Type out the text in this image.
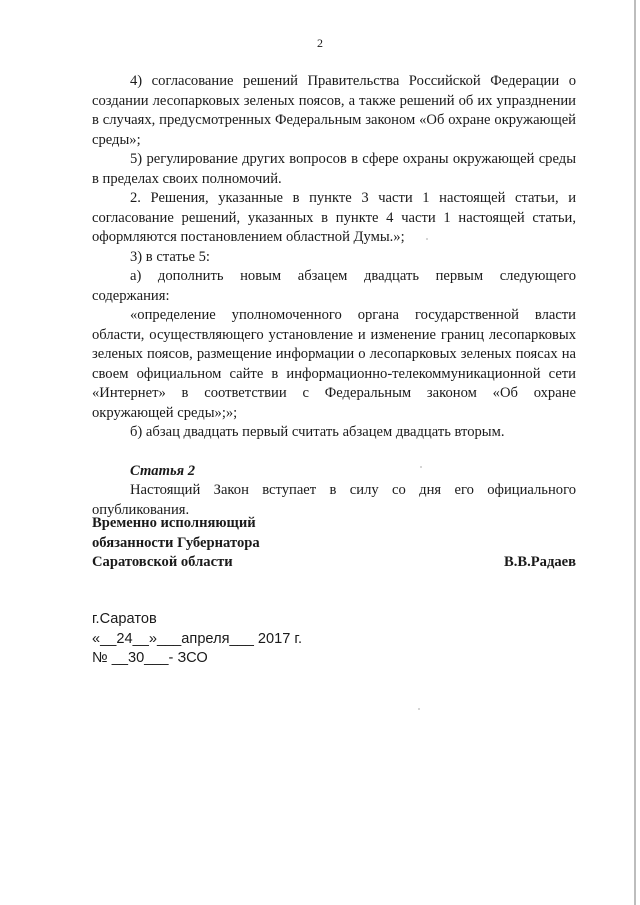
2

4) согласование решений Правительства Российской Федерации о создании лесопарковых зеленых поясов, а также решений об их упразднении в случаях, предусмотренных Федеральным законом «Об охране окружающей среды»;

5) регулирование других вопросов в сфере охраны окружающей среды в пределах своих полномочий.

2. Решения, указанные в пункте 3 части 1 настоящей статьи, и согласование решений, указанных в пункте 4 части 1 настоящей статьи, оформляются постановлением областной Думы.»;

3) в статье 5:

а) дополнить новым абзацем двадцать первым следующего содержания:

«определение уполномоченного органа государственной власти области, осуществляющего установление и изменение границ лесопарковых зеленых поясов, размещение информации о лесопарковых зеленых поясах на своем официальном сайте в информационно-телекоммуникационной сети «Интернет» в соответствии с Федеральным законом «Об охране окружающей среды»;»;

б) абзац двадцать первый считать абзацем двадцать вторым.

Статья 2

Настоящий Закон вступает в силу со дня его официального опубликования.

Временно исполняющий
обязанности Губернатора
Саратовской области	В.В.Радаев
г.Саратов
«__24__»___апреля___ 2017 г.
№ __30___- ЗСО
